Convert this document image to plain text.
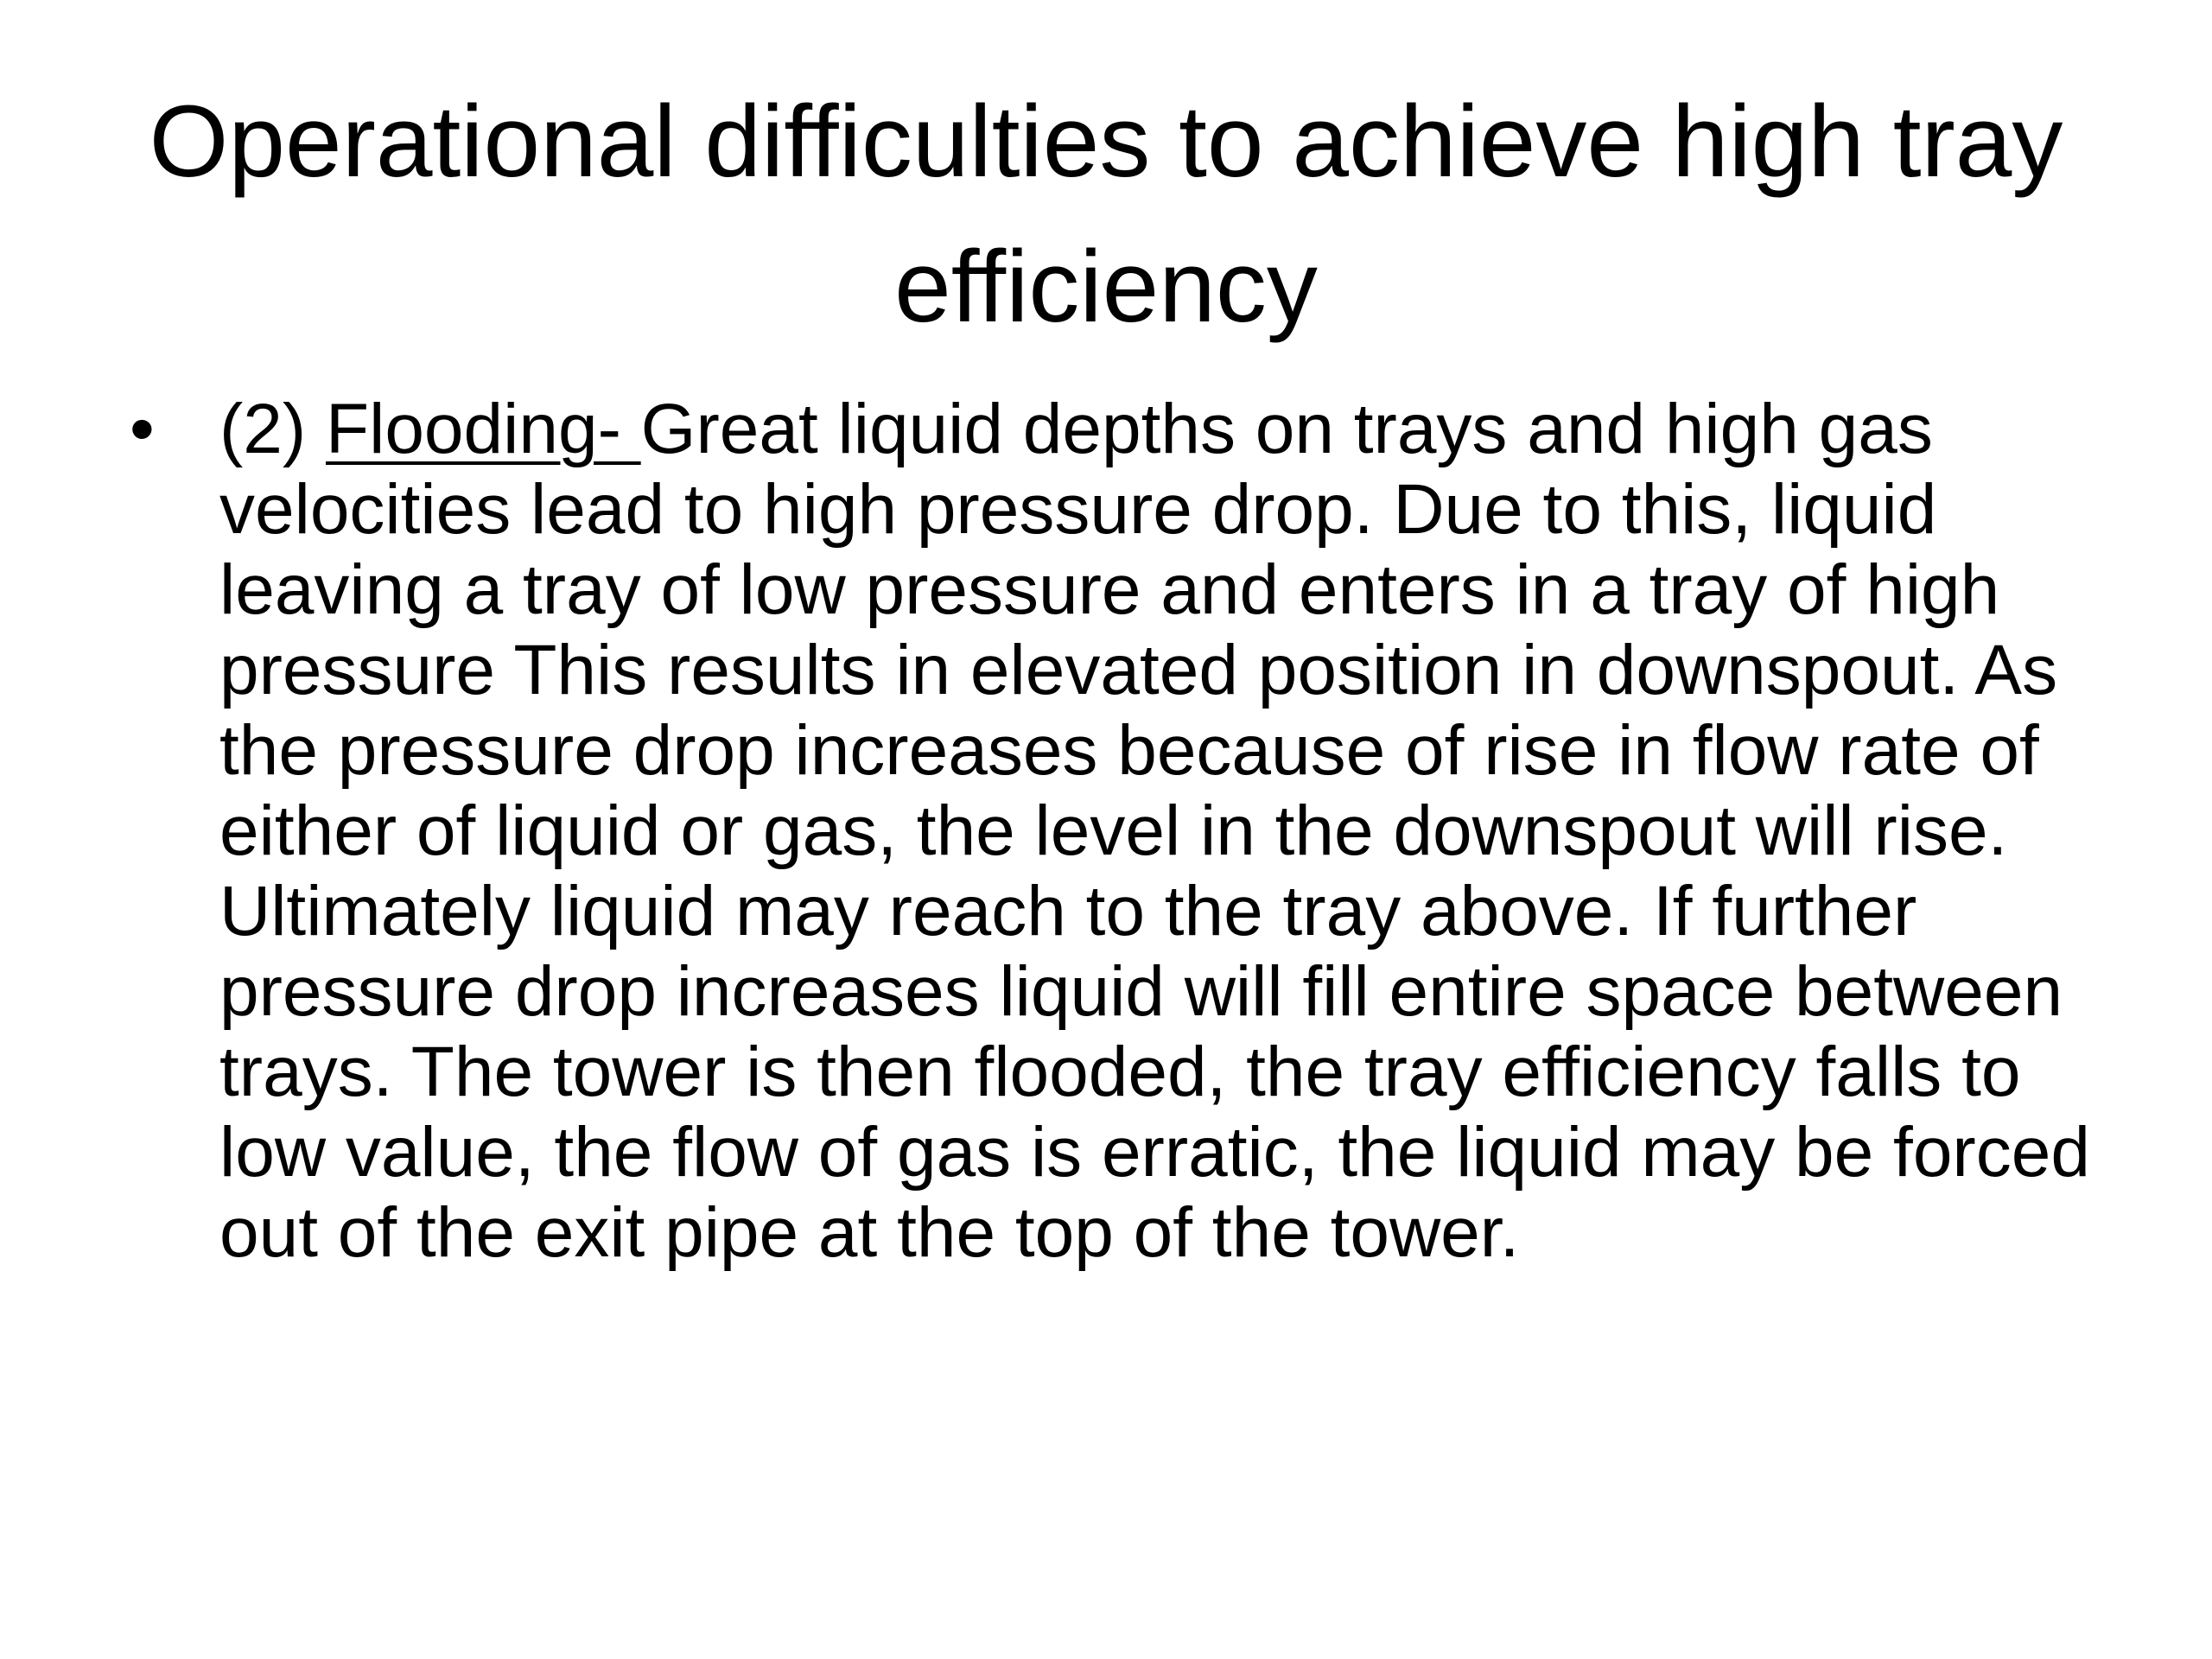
Operational difficulties to achieve high tray efficiency
• (2) Flooding- Great liquid depths on trays and high gas velocities lead to high pressure drop. Due to this, liquid leaving a tray of low pressure and enters in a tray of high pressure This results in elevated position in downspout. As the pressure drop increases because of rise in flow rate of either of liquid or gas, the level in the downspout will rise. Ultimately liquid may reach to the tray above. If further pressure drop increases liquid will fill entire space between trays. The tower is then flooded, the tray efficiency falls to low value, the flow of gas is erratic, the liquid may be forced out of the exit pipe at the top of the tower.
